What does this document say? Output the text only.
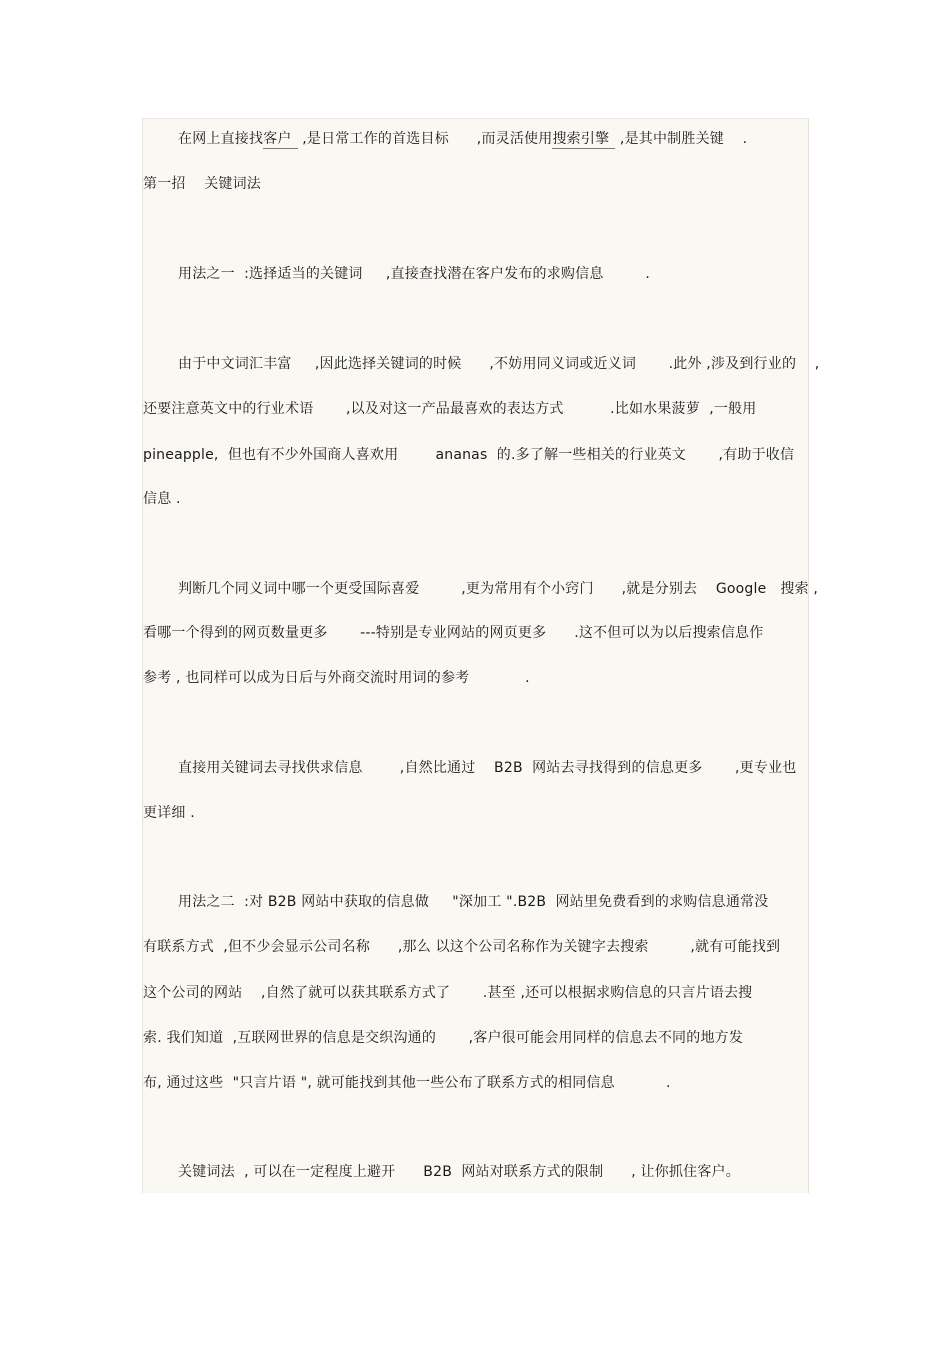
在网上直接找客户 ,是日常工作的首选目标      ,而灵活使用搜索引擎 ,是其中制胜关键    .
第一招    关键词法
用法之一  :选择适当的关键词     ,直接查找潜在客户发布的求购信息         .
由于中文词汇丰富     ,因此选择关键词的时候      ,不妨用同义词或近义词       .此外 ,涉及到行业的    ,
还要注意英文中的行业术语       ,以及对这一产品最喜欢的表达方式          .比如水果菠萝  ,一般用
pineapple,  但也有不少外国商人喜欢用        ananas  的.多了解一些相关的行业英文       ,有助于收信
信息 .
判断几个同义词中哪一个更受国际喜爱         ,更为常用有个小窍门      ,就是分别去    Google   搜索 ,
看哪一个得到的网页数量更多       ---特别是专业网站的网页更多      .这不但可以为以后搜索信息作
参考 , 也同样可以成为日后与外商交流时用词的参考            .
直接用关键词去寻找供求信息        ,自然比通过    B2B  网站去寻找得到的信息更多       ,更专业也
更详细 .
用法之二  :对 B2B 网站中获取的信息做     "深加工 ".B2B  网站里免费看到的求购信息通常没
有联系方式  ,但不少会显示公司名称      ,那么 以这个公司名称作为关键字去搜索         ,就有可能找到
这个公司的网站    ,自然了就可以获其联系方式了       .甚至 ,还可以根据求购信息的只言片语去搜
索. 我们知道  ,互联网世界的信息是交织沟通的       ,客户很可能会用同样的信息去不同的地方发
布, 通过这些  "只言片语 ", 就可能找到其他一些公布了联系方式的相同信息           .
关键词法  , 可以在一定程度上避开      B2B  网站对联系方式的限制      , 让你抓住客户。
